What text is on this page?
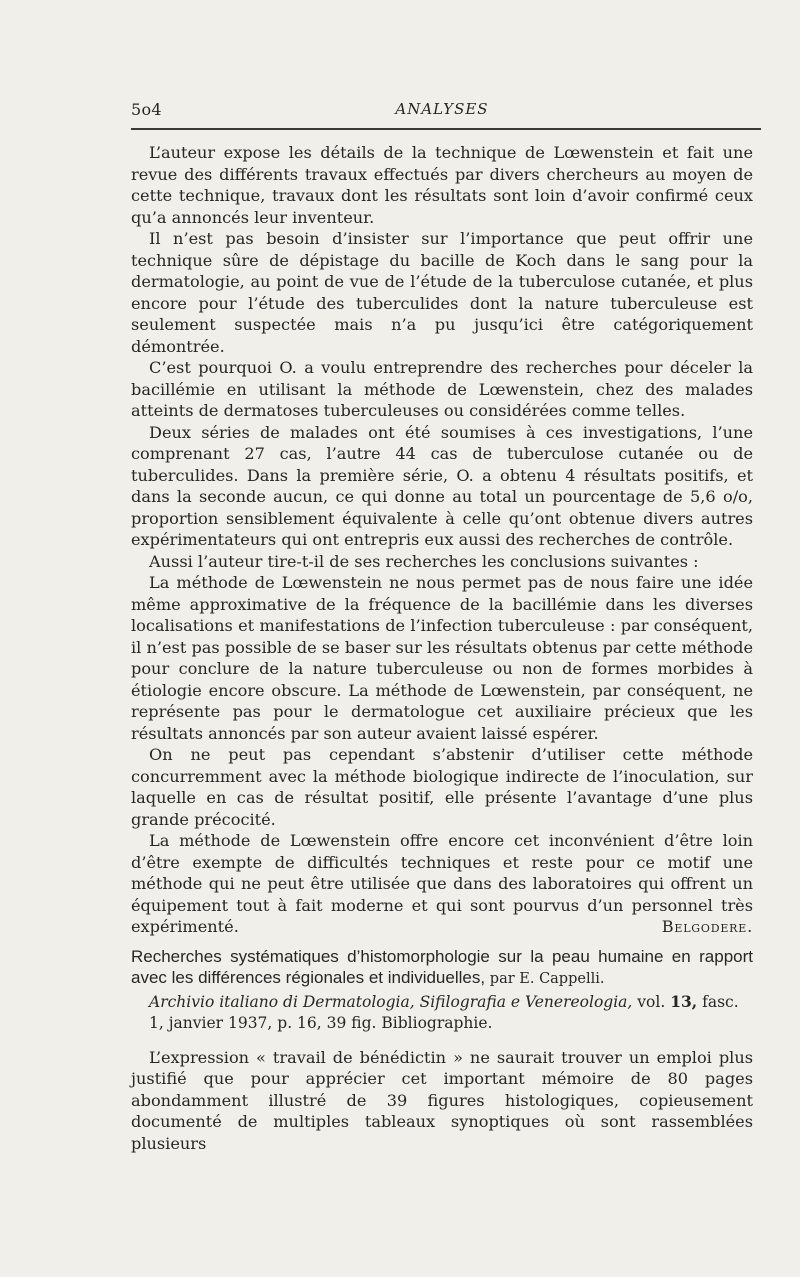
5o4	ANALYSES

L’auteur expose les détails de la technique de Lœwenstein et fait une revue des différents travaux effectués par divers chercheurs au moyen de cette technique, travaux dont les résultats sont loin d’avoir confirmé ceux qu’a annoncés leur inventeur.

Il n’est pas besoin d’insister sur l’importance que peut offrir une technique sûre de dépistage du bacille de Koch dans le sang pour la dermatologie, au point de vue de l’étude de la tuberculose cutanée, et plus encore pour l’étude des tuberculides dont la nature tuberculeuse est seulement suspectée mais n’a pu jusqu’ici être catégoriquement démontrée.

C’est pourquoi O. a voulu entreprendre des recherches pour déceler la bacillémie en utilisant la méthode de Lœwenstein, chez des malades atteints de dermatoses tuberculeuses ou considérées comme telles.

Deux séries de malades ont été soumises à ces investigations, l’une comprenant 27 cas, l’autre 44 cas de tuberculose cutanée ou de tuberculides. Dans la première série, O. a obtenu 4 résultats positifs, et dans la seconde aucun, ce qui donne au total un pourcentage de 5,6 o/o, proportion sensiblement équivalente à celle qu’ont obtenue divers autres expérimentateurs qui ont entrepris eux aussi des recherches de contrôle.

Aussi l’auteur tire-t-il de ses recherches les conclusions suivantes :

La méthode de Lœwenstein ne nous permet pas de nous faire une idée même approximative de la fréquence de la bacillémie dans les diverses localisations et manifestations de l’infection tuberculeuse : par conséquent, il n’est pas possible de se baser sur les résultats obtenus par cette méthode pour conclure de la nature tuberculeuse ou non de formes morbides à étiologie encore obscure. La méthode de Lœwenstein, par conséquent, ne représente pas pour le dermatologue cet auxiliaire précieux que les résultats annoncés par son auteur avaient laissé espérer.

On ne peut pas cependant s’abstenir d’utiliser cette méthode concurremment avec la méthode biologique indirecte de l’inoculation, sur laquelle en cas de résultat positif, elle présente l’avantage d’une plus grande précocité.

La méthode de Lœwenstein offre encore cet inconvénient d’être loin d’être exempte de difficultés techniques et reste pour ce motif une méthode qui ne peut être utilisée que dans des laboratoires qui offrent un équipement tout à fait moderne et qui sont pourvus d’un personnel très expérimenté.	Belgodere.

Recherches systématiques d’histomorphologie sur la peau humaine en rapport avec les différences régionales et individuelles, par E. Cappelli.
Archivio italiano di Dermatologia, Sifilografia e Venereologia, vol. 13, fasc. 1, janvier 1937, p. 16, 39 fig. Bibliographie.

L’expression « travail de bénédictin » ne saurait trouver un emploi plus justifié que pour apprécier cet important mémoire de 80 pages abondamment illustré de 39 figures histologiques, copieusement documenté de multiples tableaux synoptiques où sont rassemblées plusieurs
